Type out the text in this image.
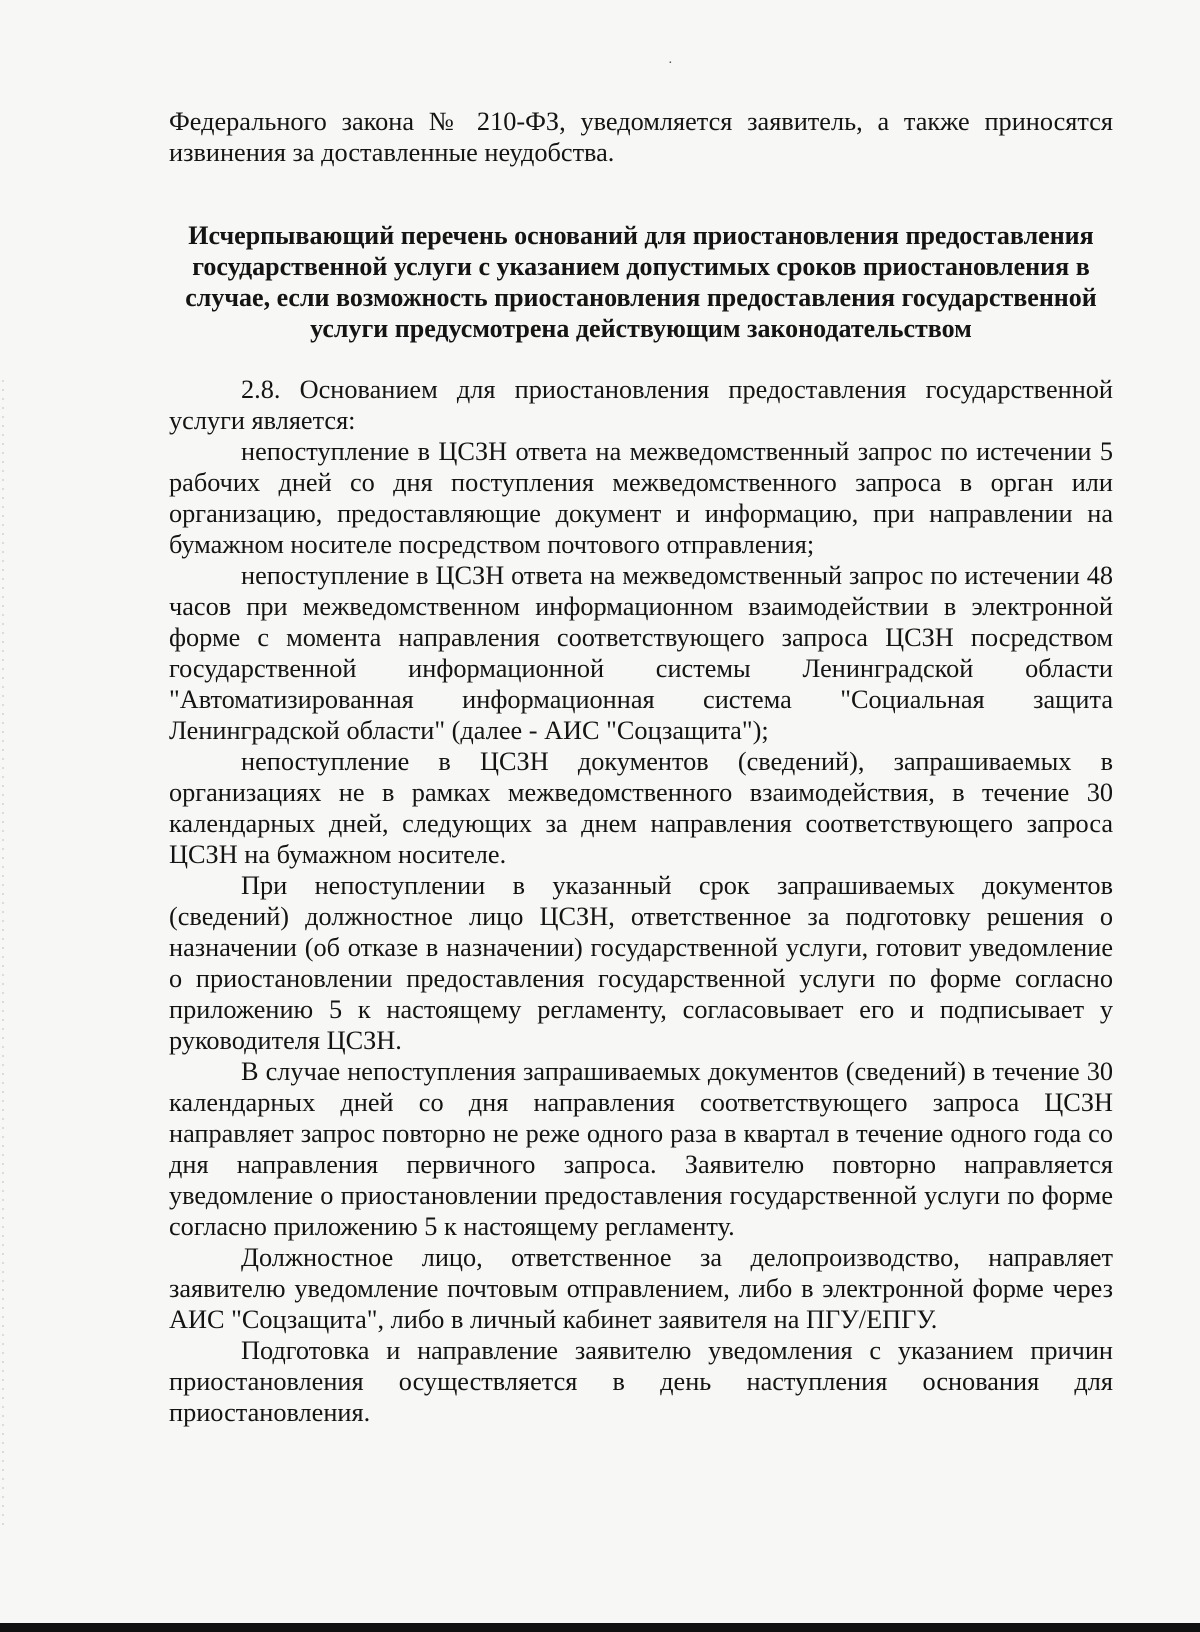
·

Федерального закона № 210-ФЗ, уведомляется заявитель, а также приносятся извинения за доставленные неудобства.

Исчерпывающий перечень оснований для приостановления предоставления государственной услуги с указанием допустимых сроков приостановления в случае, если возможность приостановления предоставления государственной услуги предусмотрена действующим законодательством

2.8. Основанием для приостановления предоставления государственной услуги является:

непоступление в ЦСЗН ответа на межведомственный запрос по истечении 5 рабочих дней со дня поступления межведомственного запроса в орган или организацию, предоставляющие документ и информацию, при направлении на бумажном носителе посредством почтового отправления;

непоступление в ЦСЗН ответа на межведомственный запрос по истечении 48 часов при межведомственном информационном взаимодействии в электронной форме с момента направления соответствующего запроса ЦСЗН посредством государственной информационной системы Ленинградской области "Автоматизированная информационная система "Социальная защита Ленинградской области" (далее - АИС "Соцзащита");

непоступление в ЦСЗН документов (сведений), запрашиваемых в организациях не в рамках межведомственного взаимодействия, в течение 30 календарных дней, следующих за днем направления соответствующего запроса ЦСЗН на бумажном носителе.

При непоступлении в указанный срок запрашиваемых документов (сведений) должностное лицо ЦСЗН, ответственное за подготовку решения о назначении (об отказе в назначении) государственной услуги, готовит уведомление о приостановлении предоставления государственной услуги по форме согласно приложению 5 к настоящему регламенту, согласовывает его и подписывает у руководителя ЦСЗН.

В случае непоступления запрашиваемых документов (сведений) в течение 30 календарных дней со дня направления соответствующего запроса ЦСЗН направляет запрос повторно не реже одного раза в квартал в течение одного года со дня направления первичного запроса. Заявителю повторно направляется уведомление о приостановлении предоставления государственной услуги по форме согласно приложению 5 к настоящему регламенту.

Должностное лицо, ответственное за делопроизводство, направляет заявителю уведомление почтовым отправлением, либо в электронной форме через АИС "Соцзащита", либо в личный кабинет заявителя на ПГУ/ЕПГУ.

Подготовка и направление заявителю уведомления с указанием причин приостановления осуществляется в день наступления основания для приостановления.
